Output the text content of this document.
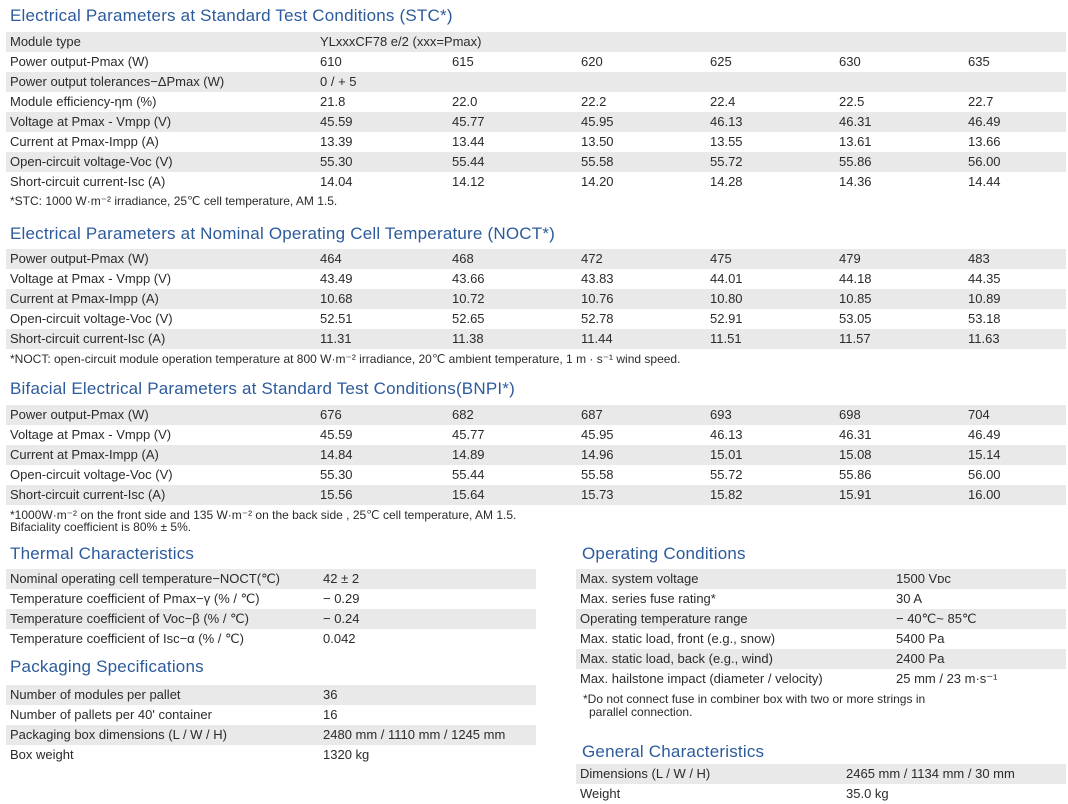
Electrical Parameters at Standard Test Conditions (STC*)
Module type	YLxxxCF78 e/2 (xxx=Pmax)
Power output-Pmax (W)	610	615	620	625	630	635
Power output tolerances−ΔPmax (W)	0 / + 5
Module efficiency-ηm (%)	21.8	22.0	22.2	22.4	22.5	22.7
Voltage at Pmax - Vmpp (V)	45.59	45.77	45.95	46.13	46.31	46.49
Current at Pmax-Impp (A)	13.39	13.44	13.50	13.55	13.61	13.66
Open-circuit voltage-Voc (V)	55.30	55.44	55.58	55.72	55.86	56.00
Short-circuit current-Isc (A)	14.04	14.12	14.20	14.28	14.36	14.44
*STC: 1000 W·m⁻² irradiance, 25℃ cell temperature, AM 1.5.
Electrical Parameters at Nominal Operating Cell Temperature (NOCT*)
Power output-Pmax (W)	464	468	472	475	479	483
Voltage at Pmax - Vmpp (V)	43.49	43.66	43.83	44.01	44.18	44.35
Current at Pmax-Impp (A)	10.68	10.72	10.76	10.80	10.85	10.89
Open-circuit voltage-Voc (V)	52.51	52.65	52.78	52.91	53.05	53.18
Short-circuit current-Isc (A)	11.31	11.38	11.44	11.51	11.57	11.63
*NOCT: open-circuit module operation temperature at 800 W·m⁻² irradiance, 20℃ ambient temperature, 1 m · s⁻¹ wind speed.
Bifacial Electrical Parameters at Standard Test Conditions(BNPI*)
Power output-Pmax (W)	676	682	687	693	698	704
Voltage at Pmax - Vmpp (V)	45.59	45.77	45.95	46.13	46.31	46.49
Current at Pmax-Impp (A)	14.84	14.89	14.96	15.01	15.08	15.14
Open-circuit voltage-Voc (V)	55.30	55.44	55.58	55.72	55.86	56.00
Short-circuit current-Isc (A)	15.56	15.64	15.73	15.82	15.91	16.00
*1000W·m⁻² on the front side and 135 W·m⁻² on the back side , 25℃ cell temperature, AM 1.5.
Bifaciality coefficient is 80% ± 5%.
Thermal Characteristics
Nominal operating cell temperature−NOCT(℃)	42 ± 2
Temperature coefficient of Pmax−γ (% / ℃)	− 0.29
Temperature coefficient of Voc−β (% / ℃)	− 0.24
Temperature coefficient of Isc−α (% / ℃)	0.042
Packaging Specifications
Number of modules per pallet	36
Number of pallets per 40' container	16
Packaging box dimensions (L / W / H)	2480 mm / 1110 mm / 1245 mm
Box weight	1320 kg
Operating Conditions
Max. system voltage	1500 Vᴅᴄ
Max. series fuse rating*	30 A
Operating temperature range	− 40℃~ 85℃
Max. static load, front (e.g., snow)	5400 Pa
Max. static load, back (e.g., wind)	2400 Pa
Max. hailstone impact (diameter / velocity)	25 mm / 23 m·s⁻¹
*Do not connect fuse in combiner box with two or more strings in
parallel connection.
General Characteristics
Dimensions (L / W / H)	2465 mm / 1134 mm / 30 mm
Weight	35.0 kg
